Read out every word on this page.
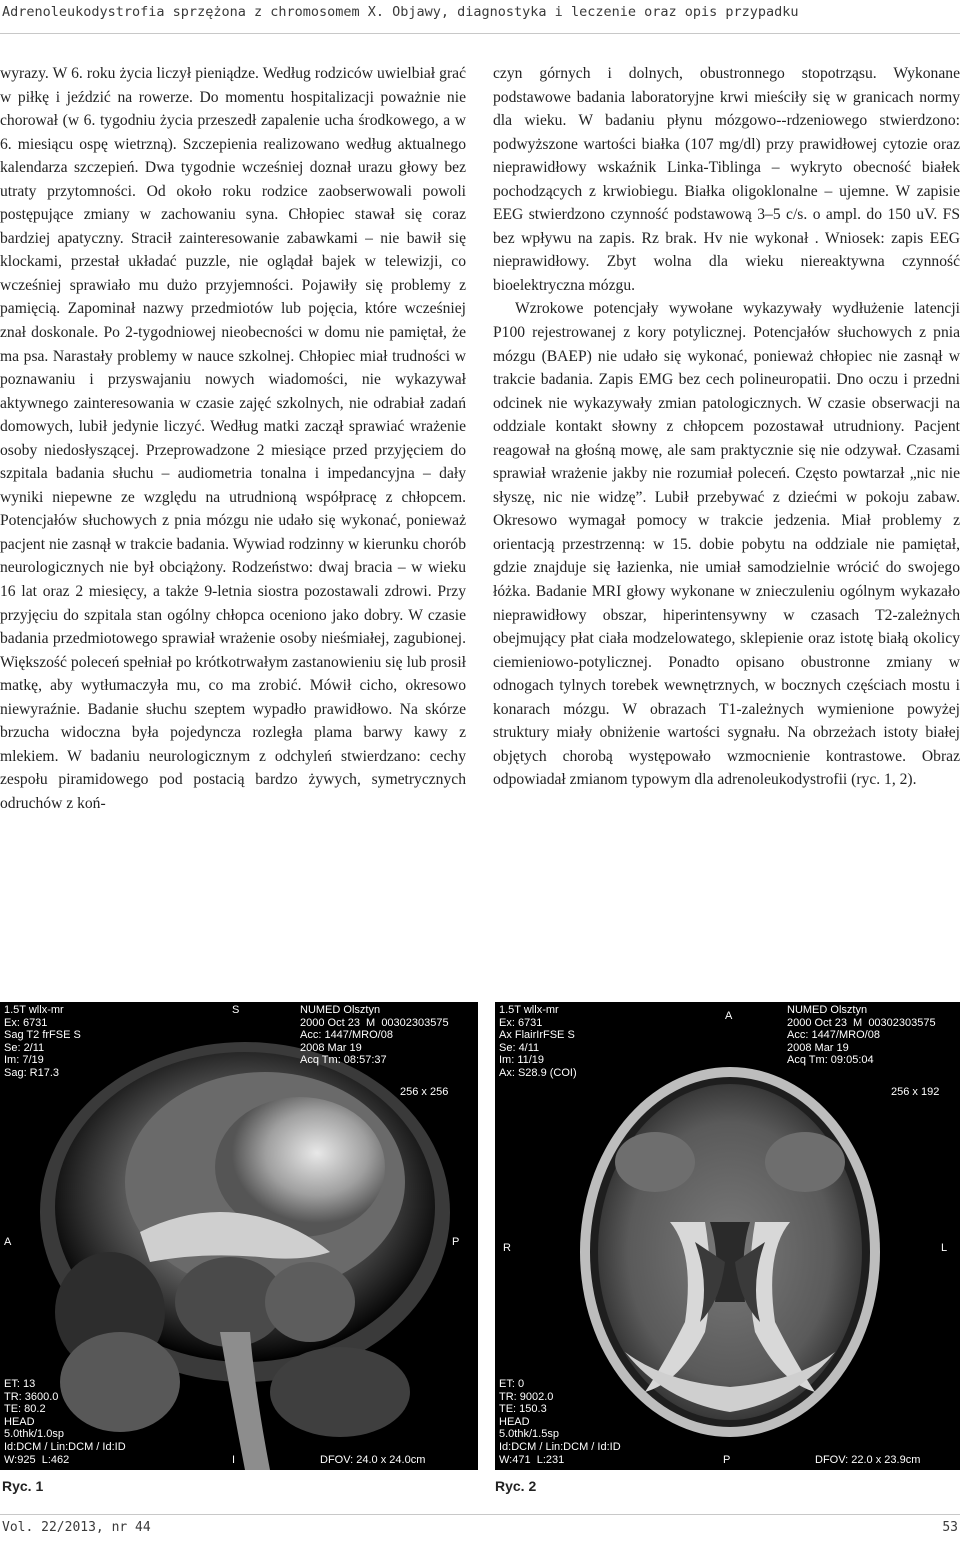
Adrenoleukodystrofia sprzężona z chromosomem X. Objawy, diagnostyka i leczenie oraz opis przypadku

wyrazy. W 6. roku życia liczył pieniądze. Według rodziców uwielbiał grać w piłkę i jeździć na rowerze. Do momentu hospitalizacji poważnie nie chorował (w 6. tygodniu życia przeszedł zapalenie ucha środkowego, a w 6. miesiącu ospę wietrzną). Szczepienia realizowano według aktualnego kalendarza szczepień. Dwa tygodnie wcześniej doznał urazu głowy bez utraty przytomności. Od około roku rodzice zaobserwowali powoli postępujące zmiany w zachowaniu syna. Chłopiec stawał się coraz bardziej apatyczny. Stracił zainteresowanie zabawkami – nie bawił się klockami, przestał układać puzzle, nie oglądał bajek w telewizji, co wcześniej sprawiało mu dużo przyjemności. Pojawiły się problemy z pamięcią. Zapominał nazwy przedmiotów lub pojęcia, które wcześniej znał doskonale. Po 2-tygodniowej nieobecności w domu nie pamiętał, że ma psa. Narastały problemy w nauce szkolnej. Chłopiec miał trudności w poznawaniu i przyswajaniu nowych wiadomości, nie wykazywał aktywnego zainteresowania w czasie zajęć szkolnych, nie odrabiał zadań domowych, lubił jedynie liczyć. Według matki zaczął sprawiać wrażenie osoby niedosłyszącej. Przeprowadzone 2 miesiące przed przyjęciem do szpitala badania słuchu – audiometria tonalna i impedancyjna – dały wyniki niepewne ze względu na utrudnioną współpracę z chłopcem. Potencjałów słuchowych z pnia mózgu nie udało się wykonać, ponieważ pacjent nie zasnął w trakcie badania. Wywiad rodzinny w kierunku chorób neurologicznych nie był obciążony. Rodzeństwo: dwaj bracia – w wieku 16 lat oraz 2 miesięcy, a także 9-letnia siostra pozostawali zdrowi. Przy przyjęciu do szpitala stan ogólny chłopca oceniono jako dobry. W czasie badania przedmiotowego sprawiał wrażenie osoby nieśmiałej, zagubionej. Większość poleceń spełniał po krótkotrwałym zastanowieniu się lub prosił matkę, aby wytłumaczyła mu, co ma zrobić. Mówił cicho, okresowo niewyraźnie. Badanie słuchu szeptem wypadło prawidłowo. Na skórze brzucha widoczna była pojedyncza rozległa plama barwy kawy z mlekiem. W badaniu neurologicznym z odchyleń stwierdzano: cechy zespołu piramidowego pod postacią bardzo żywych, symetrycznych odruchów z koń-

czyn górnych i dolnych, obustronnego stopotrząsu. Wykonane podstawowe badania laboratoryjne krwi mieściły się w granicach normy dla wieku. W badaniu płynu mózgowo--rdzeniowego stwierdzono: podwyższone wartości białka (107 mg/dl) przy prawidłowej cytozie oraz nieprawidłowy wskaźnik Linka-Tiblinga – wykryto obecność białek pochodzących z krwiobiegu. Białka oligoklonalne – ujemne. W zapisie EEG stwierdzono czynność podstawową 3–5 c/s. o ampl. do 150 uV. FS bez wpływu na zapis. Rz brak. Hv nie wykonał . Wniosek: zapis EEG nieprawidłowy. Zbyt wolna dla wieku niereaktywna czynność bioelektryczna mózgu.

Wzrokowe potencjały wywołane wykazywały wydłużenie latencji P100 rejestrowanej z kory potylicznej. Potencjałów słuchowych z pnia mózgu (BAEP) nie udało się wykonać, ponieważ chłopiec nie zasnął w trakcie badania. Zapis EMG bez cech polineuropatii. Dno oczu i przedni odcinek nie wykazywały zmian patologicznych. W czasie obserwacji na oddziale kontakt słowny z chłopcem pozostawał utrudniony. Pacjent reagował na głośną mowę, ale sam praktycznie się nie odzywał. Czasami sprawiał wrażenie jakby nie rozumiał poleceń. Często powtarzał „nic nie słyszę, nic nie widzę”. Lubił przebywać z dziećmi w pokoju zabaw. Okresowo wymagał pomocy w trakcie jedzenia. Miał problemy z orientacją przestrzenną: w 15. dobie pobytu na oddziale nie pamiętał, gdzie znajduje się łazienka, nie umiał samodzielnie wrócić do swojego łóżka. Badanie MRI głowy wykonane w znieczuleniu ogólnym wykazało nieprawidłowy obszar, hiperintensywny w czasach T2-zależnych obejmujący płat ciała modzelowatego, sklepienie oraz istotę białą okolicy ciemieniowo-potylicznej. Ponadto opisano obustronne zmiany w odnogach tylnych torebek wewnętrznych, w bocznych częściach mostu i konarach mózgu. W obrazach T1-zależnych wymienione powyżej struktury miały obniżenie wartości sygnału. Na obrzeżach istoty białej objętych chorobą występowało wzmocnienie kontrastowe. Obraz odpowiadał zmianom typowym dla adrenoleukodystrofii (ryc. 1, 2).

1.5T wllx-mr
Ex: 6731
Sag T2 frFSE S
Se: 2/11
Im: 7/19
Sag: R17.3
S	NUMED Olsztyn
2000 Oct 23  M  00302303575
Acc: 1447/MRO/08
2008 Mar 19
Acq Tm: 08:57:37
256 x 256
A	P
ET: 13
TR: 3600.0
TE: 80.2
HEAD
5.0thk/1.0sp
Id:DCM / Lin:DCM / Id:ID
W:925  L:462	I	DFOV: 24.0 x 24.0cm
1.5T wllx-mr
Ex: 6731
Ax FlairIrFSE S
Se: 4/11
Im: 11/19
Ax: S28.9 (COI)
A	NUMED Olsztyn
2000 Oct 23  M  00302303575
Acc: 1447/MRO/08
2008 Mar 19
Acq Tm: 09:05:04
256 x 192
R	L
ET: 0
TR: 9002.0
TE: 150.3
HEAD
5.0thk/1.5sp
Id:DCM / Lin:DCM / Id:ID
W:471  L:231	P	DFOV: 22.0 x 23.9cm
Ryc. 1	Ryc. 2
Vol. 22/2013, nr 44	53
